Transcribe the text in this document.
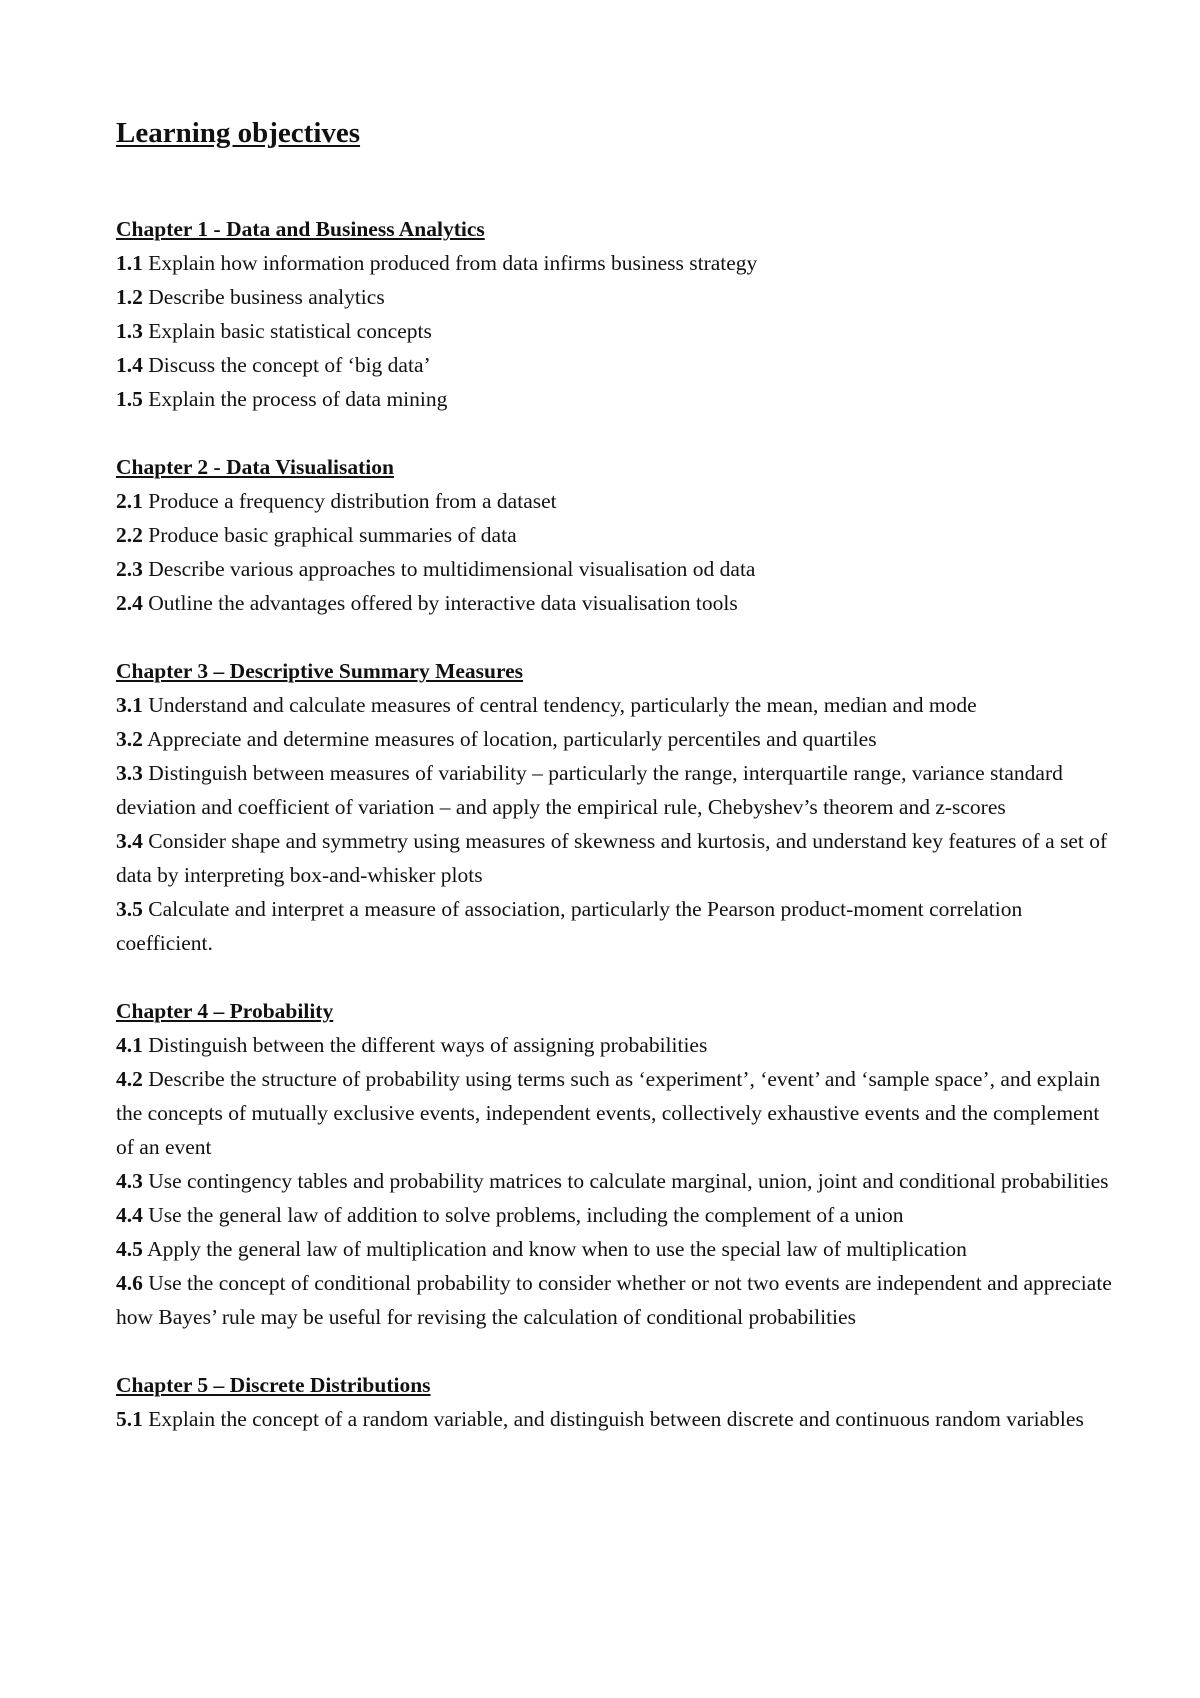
Learning objectives
Chapter 1 - Data and Business Analytics

1.1 Explain how information produced from data infirms business strategy

1.2 Describe business analytics

1.3 Explain basic statistical concepts

1.4 Discuss the concept of ‘big data’

1.5 Explain the process of data mining

Chapter 2 - Data Visualisation

2.1 Produce a frequency distribution from a dataset

2.2 Produce basic graphical summaries of data

2.3 Describe various approaches to multidimensional visualisation od data

2.4 Outline the advantages offered by interactive data visualisation tools

Chapter 3 – Descriptive Summary Measures

3.1 Understand and calculate measures of central tendency, particularly the mean, median and mode

3.2 Appreciate and determine measures of location, particularly percentiles and quartiles

3.3 Distinguish between measures of variability – particularly the range, interquartile range, variance standard deviation and coefficient of variation – and apply the empirical rule, Chebyshev’s theorem and z-scores

3.4 Consider shape and symmetry using measures of skewness and kurtosis, and understand key features of a set of data by interpreting box-and-whisker plots

3.5 Calculate and interpret a measure of association, particularly the Pearson product-moment correlation coefficient.

Chapter 4 – Probability

4.1 Distinguish between the different ways of assigning probabilities

4.2 Describe the structure of probability using terms such as ‘experiment’, ‘event’ and ‘sample space’, and explain the concepts of mutually exclusive events, independent events, collectively exhaustive events and the complement of an event

4.3 Use contingency tables and probability matrices to calculate marginal, union, joint and conditional probabilities

4.4 Use the general law of addition to solve problems, including the complement of a union

4.5 Apply the general law of multiplication and know when to use the special law of multiplication

4.6 Use the concept of conditional probability to consider whether or not two events are independent and appreciate how Bayes’ rule may be useful for revising the calculation of conditional probabilities

Chapter 5 – Discrete Distributions

5.1 Explain the concept of a random variable, and distinguish between discrete and continuous random variables
